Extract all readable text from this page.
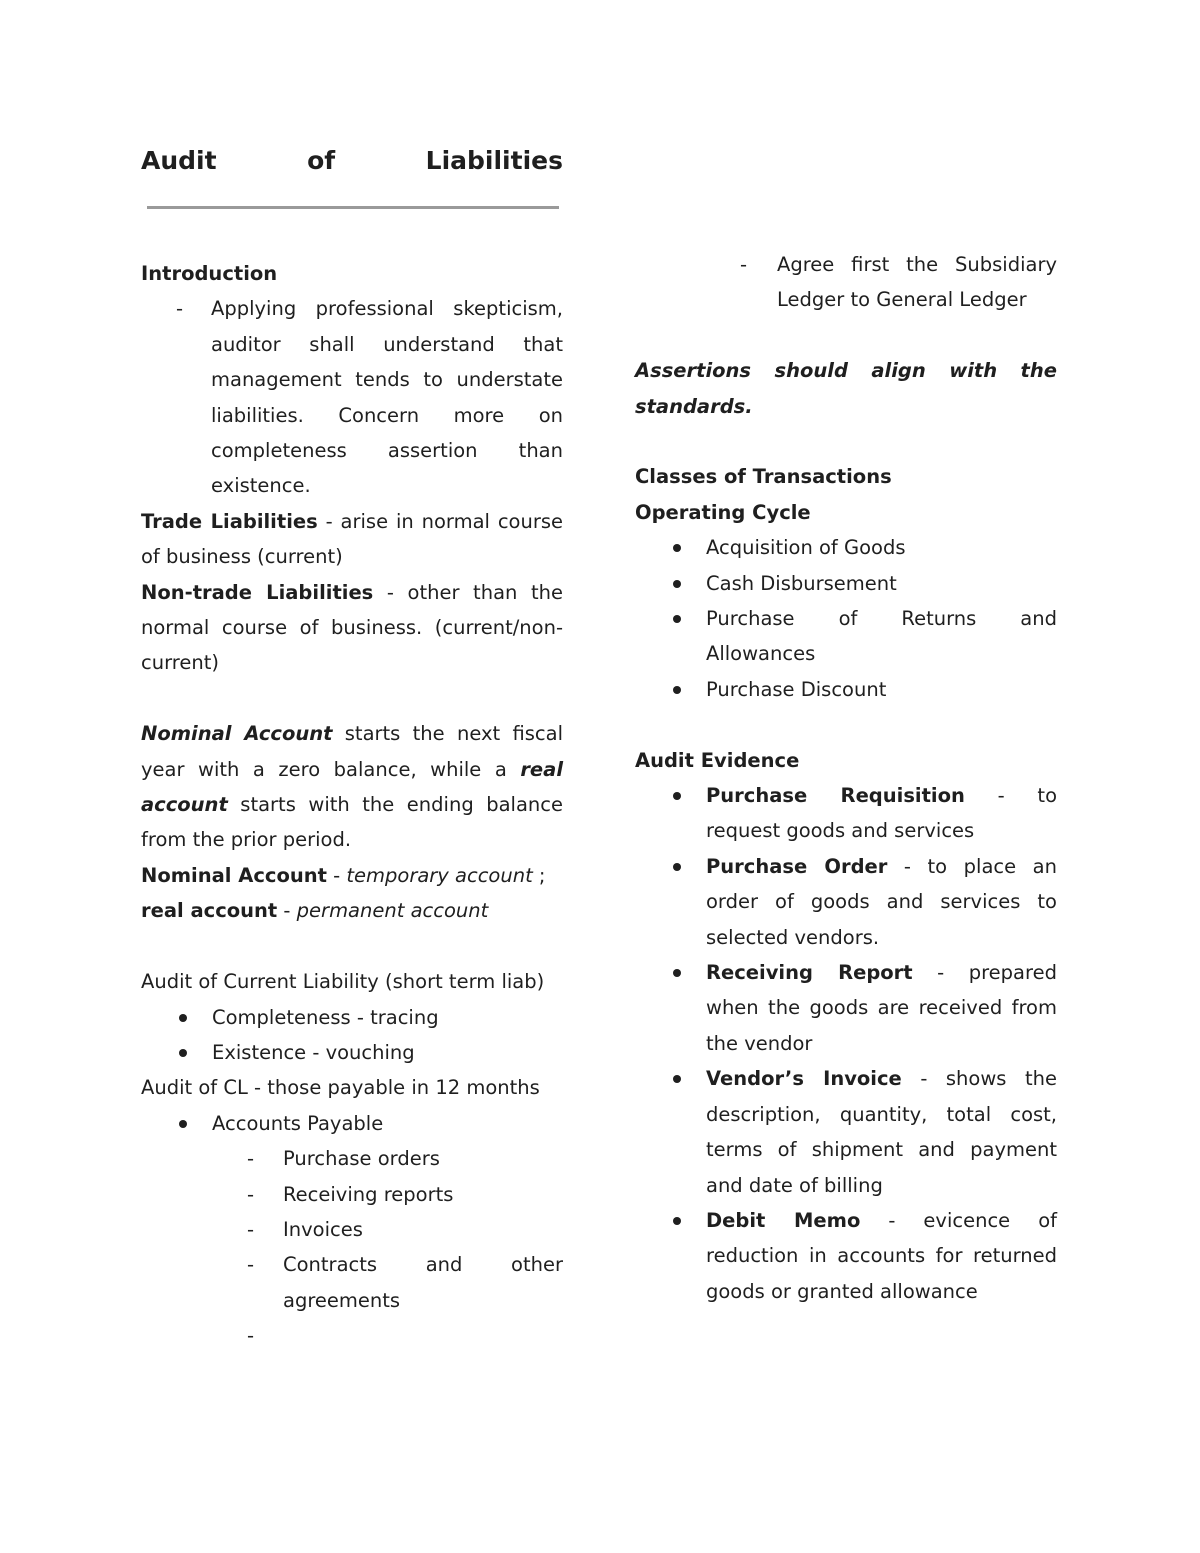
Audit	of	Liabilities
Introduction
- Applying professional skepticism, auditor shall understand that management tends to understate liabilities. Concern more on completeness assertion than existence.
Trade Liabilities - arise in normal course of business (current)
Non-trade Liabilities - other than the normal course of business. (current/non-current)
Nominal Account starts the next fiscal year with a zero balance, while a real account starts with the ending balance from the prior period.
Nominal Account - temporary account ;
real account - permanent account
Audit of Current Liability (short term liab)
Completeness - tracing
Existence - vouching
Audit of CL - those payable in 12 months
Accounts Payable
- Purchase orders
- Receiving reports
- Invoices
- Contracts and other agreements
-
- Agree first the Subsidiary Ledger to General Ledger
Assertions should align with the standards.
Classes of Transactions
Operating Cycle
Acquisition of Goods
Cash Disbursement
Purchase of Returns and Allowances
Purchase Discount
Audit Evidence
Purchase Requisition - to request goods and services
Purchase Order - to place an order of goods and services to selected vendors.
Receiving Report - prepared when the goods are received from the vendor
Vendor’s Invoice - shows the description, quantity, total cost, terms of shipment and payment and date of billing
Debit Memo - evicence of reduction in accounts for returned goods or granted allowance
